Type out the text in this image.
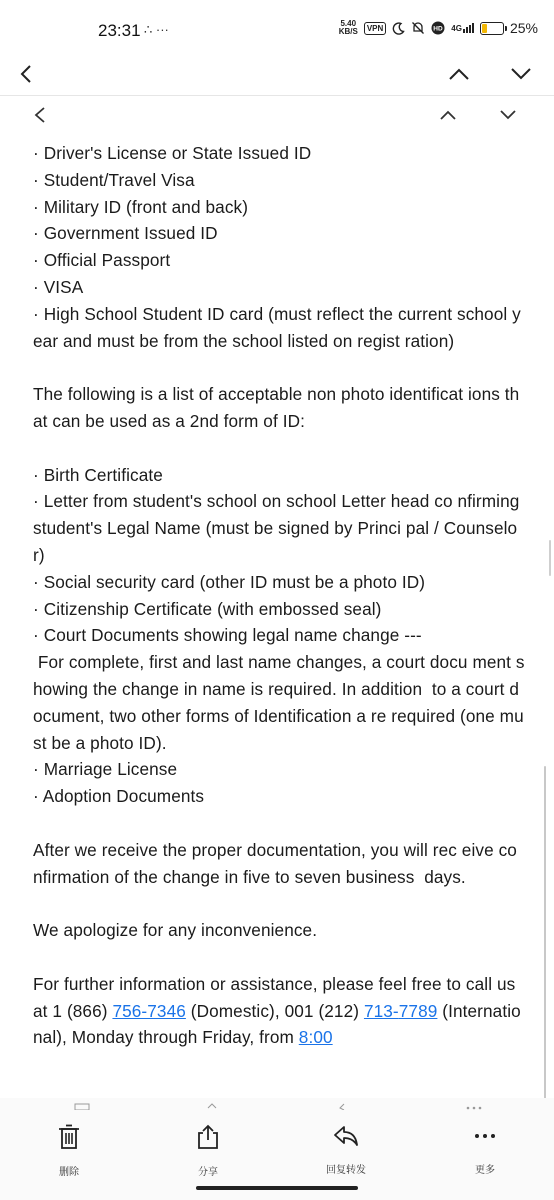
23:31 ∴ ···	5.40
KB/S	VPN	HD 4G	25%

· Driver's License or State Issued ID

· Student/Travel Visa

· Military ID (front and back)

· Government Issued ID

· Official Passport

· VISA

· High School Student ID card (must reflect the current school year and must be from the school listed on regist ration)

The following is a list of acceptable non photo identificat ions that can be used as a 2nd form of ID:

· Birth Certificate

· Letter from student's school on school Letter head co nfirming student's Legal Name (must be signed by Princi pal / Counselor)

· Social security card (other ID must be a photo ID)

· Citizenship Certificate (with embossed seal)

· Court Documents showing legal name change ---

For complete, first and last name changes, a court docu ment showing the change in name is required. In addition  to a court document, two other forms of Identification a re required (one must be a photo ID).

· Marriage License

· Adoption Documents

After we receive the proper documentation, you will rec eive confirmation of the change in five to seven business  days.

We apologize for any inconvenience.

For further information or assistance, please feel free to call us at 1 (866) 756-7346 (Domestic), 001 (212) 713-7789 (International), Monday through Friday, from 8:00

删除	分享	回复转发	更多
